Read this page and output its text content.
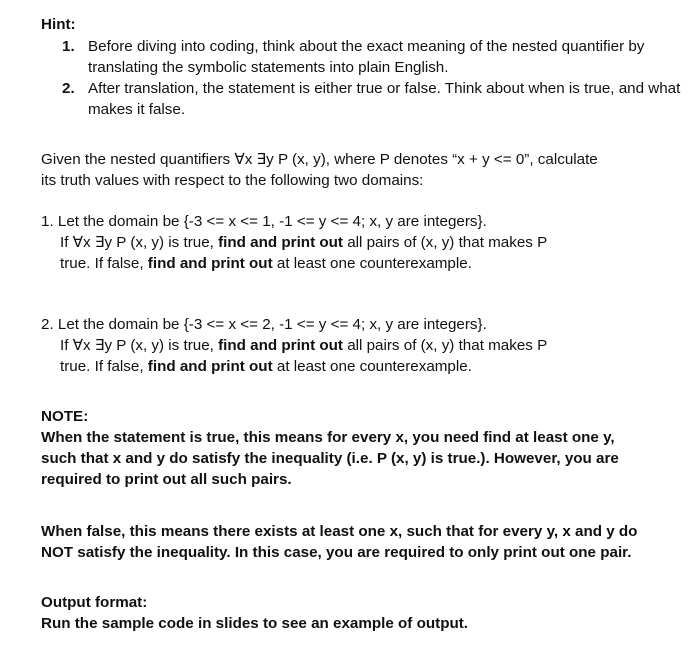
Hint:
1. Before diving into coding, think about the exact meaning of the nested quantifier by translating the symbolic statements into plain English.
2. After translation, the statement is either true or false. Think about when is true, and what makes it false.
Given the nested quantifiers ∀x ∃y P (x, y), where P denotes “x + y <= 0”, calculate
its truth values with respect to the following two domains:
1. Let the domain be {-3 <= x <= 1, -1 <= y <= 4; x, y are integers}.
If ∀x ∃y P (x, y) is true, find and print out all pairs of (x, y) that makes P
true. If false, find and print out at least one counterexample.
2. Let the domain be {-3 <= x <= 2, -1 <= y <= 4; x, y are integers}.
If ∀x ∃y P (x, y) is true, find and print out all pairs of (x, y) that makes P
true. If false, find and print out at least one counterexample.
NOTE:
When the statement is true, this means for every x, you need find at least one y,
such that x and y do satisfy the inequality (i.e. P (x, y) is true.). However, you are
required to print out all such pairs.
When false, this means there exists at least one x, such that for every y, x and y do
NOT satisfy the inequality. In this case, you are required to only print out one pair.
Output format:
Run the sample code in slides to see an example of output.
